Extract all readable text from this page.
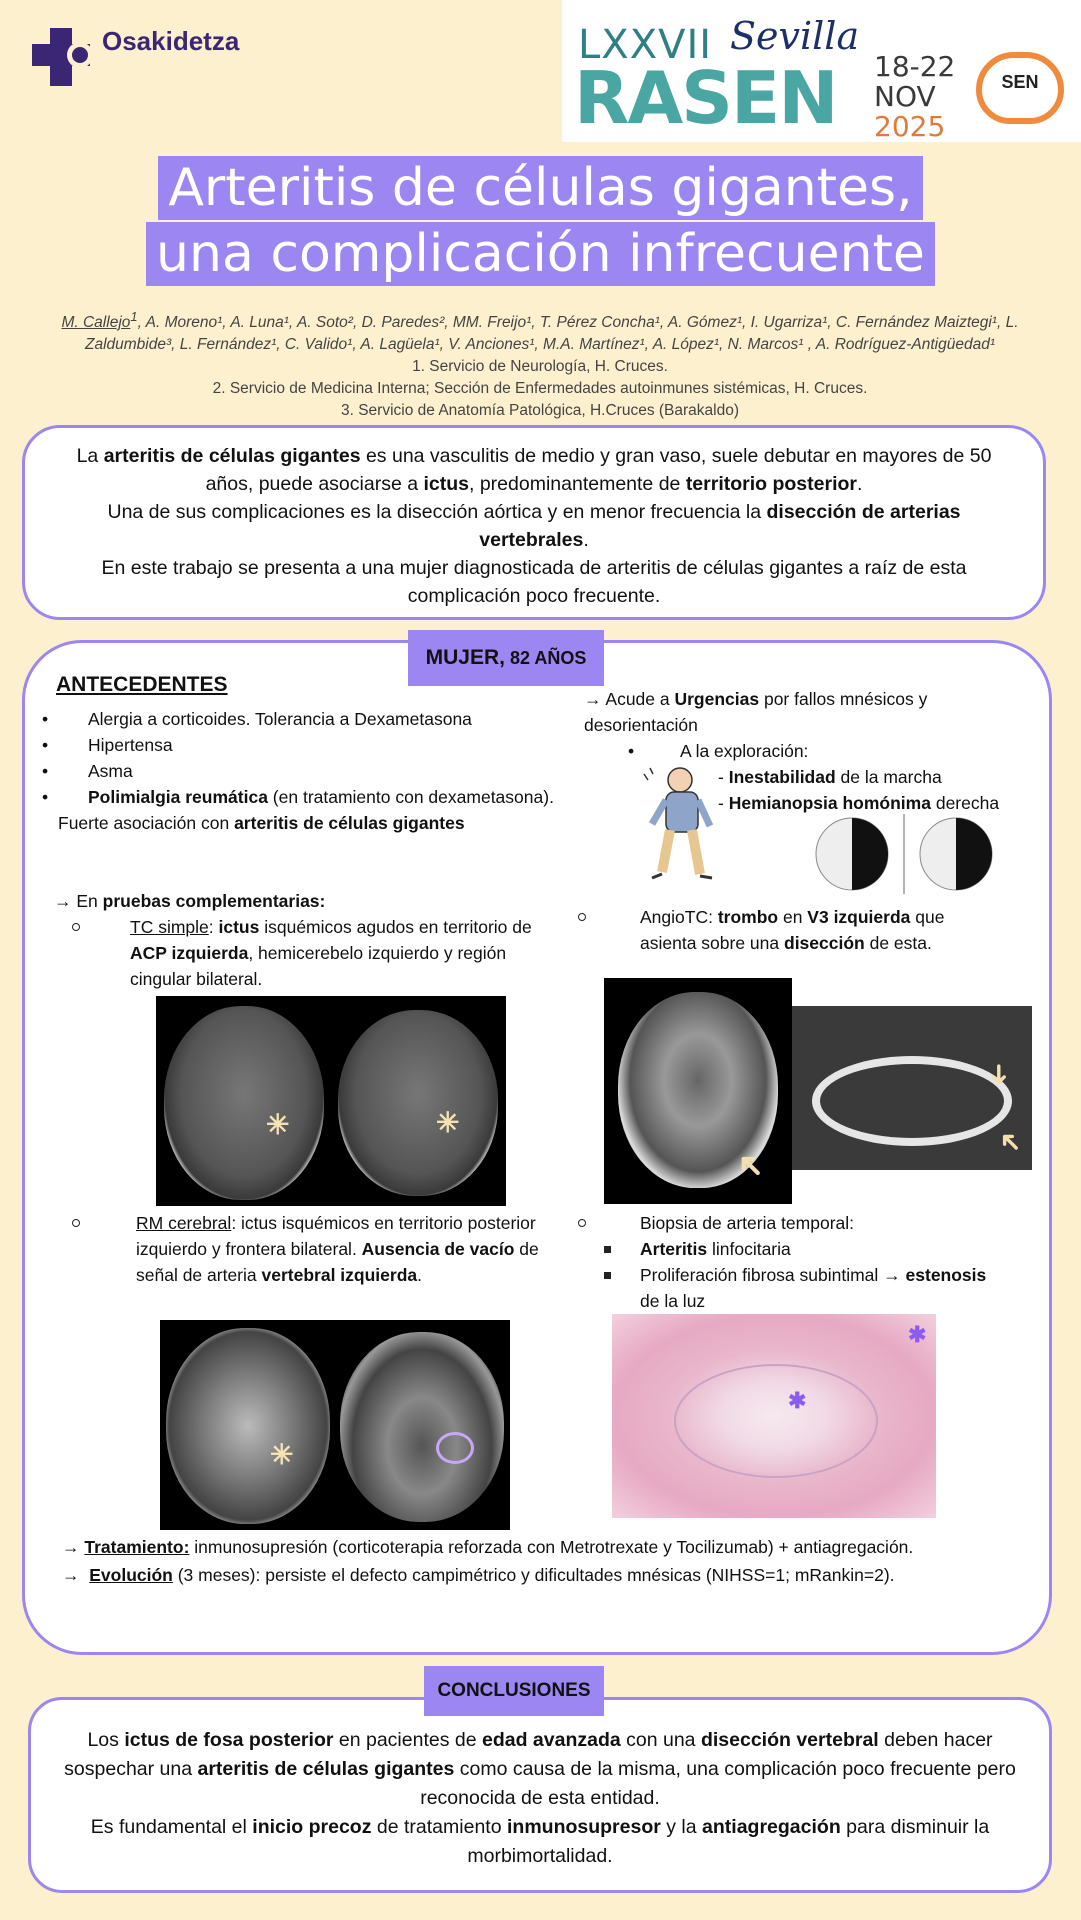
Osakidetza	LXXVII
RASEN
Sevilla
18-22
NOV
2025
SEN
Arteritis de células gigantes,
una complicación infrecuente
M. Callejo$^1$, A. Moreno¹, A. Luna¹, A. Soto², D. Paredes², MM. Freijo¹, T. Pérez Concha¹, A. Gómez¹, I. Ugarriza¹, C. Fernández Maiztegi¹, L.
Zaldumbide³, L. Fernández¹, C. Valido¹, A. Lagüela¹, V. Anciones¹, M.A. Martínez¹, A. López¹, N. Marcos¹ , A. Rodríguez-Antigüedad¹
1. Servicio de Neurología, H. Cruces.
2. Servicio de Medicina Interna; Sección de Enfermedades autoinmunes sistémicas, H. Cruces.
3. Servicio de Anatomía Patológica, H.Cruces (Barakaldo)

La arteritis de células gigantes es una vasculitis de medio y gran vaso, suele debutar en mayores de 50 años, puede asociarse a ictus, predominantemente de territorio posterior.
Una de sus complicaciones es la disección aórtica y en menor frecuencia la disección de arterias vertebrales.
En este trabajo se presenta a una mujer diagnosticada de arteritis de células gigantes a raíz de esta complicación poco frecuente.

MUJER, 82 AÑOS
ANTECEDENTES

• Alergia a corticoides. Tolerancia a Dexametasona

• Hipertensa

• Asma

• Polimialgia reumática (en tratamiento con dexametasona).

Fuerte asociación con arteritis de células gigantes

→ En pruebas complementarias:

TC simple: ictus isquémicos agudos en territorio de ACP izquierda, hemicerebelo izquierdo y región cingular bilateral.

✳	✳

RM cerebral: ictus isquémicos en territorio posterior izquierdo y frontera bilateral. Ausencia de vacío de señal de arteria vertebral izquierda.

✳
→ Acude a Urgencias por fallos mnésicos y desorientación

• A la exploración:

- Inestabilidad de la marcha

- Hemianopsia homónima derecha

AngioTC: trombo en V3 izquierda que asienta sobre una disección de esta.

➜
➜
➜

Biopsia de arteria temporal:

Arteritis linfocitaria

Proliferación fibrosa subintimal → estenosis de la luz

✱
✱

→ Tratamiento: inmunosupresión (corticoterapia reforzada con Metrotrexate y Tocilizumab) + antiagregación.

→  Evolución (3 meses): persiste el defecto campimétrico y dificultades mnésicas (NIHSS=1; mRankin=2).

Los ictus de fosa posterior en pacientes de edad avanzada con una disección vertebral deben hacer sospechar una arteritis de células gigantes como causa de la misma, una complicación poco frecuente pero reconocida de esta entidad.
Es fundamental el inicio precoz de tratamiento inmunosupresor y la antiagregación para disminuir la morbimortalidad.

CONCLUSIONES
